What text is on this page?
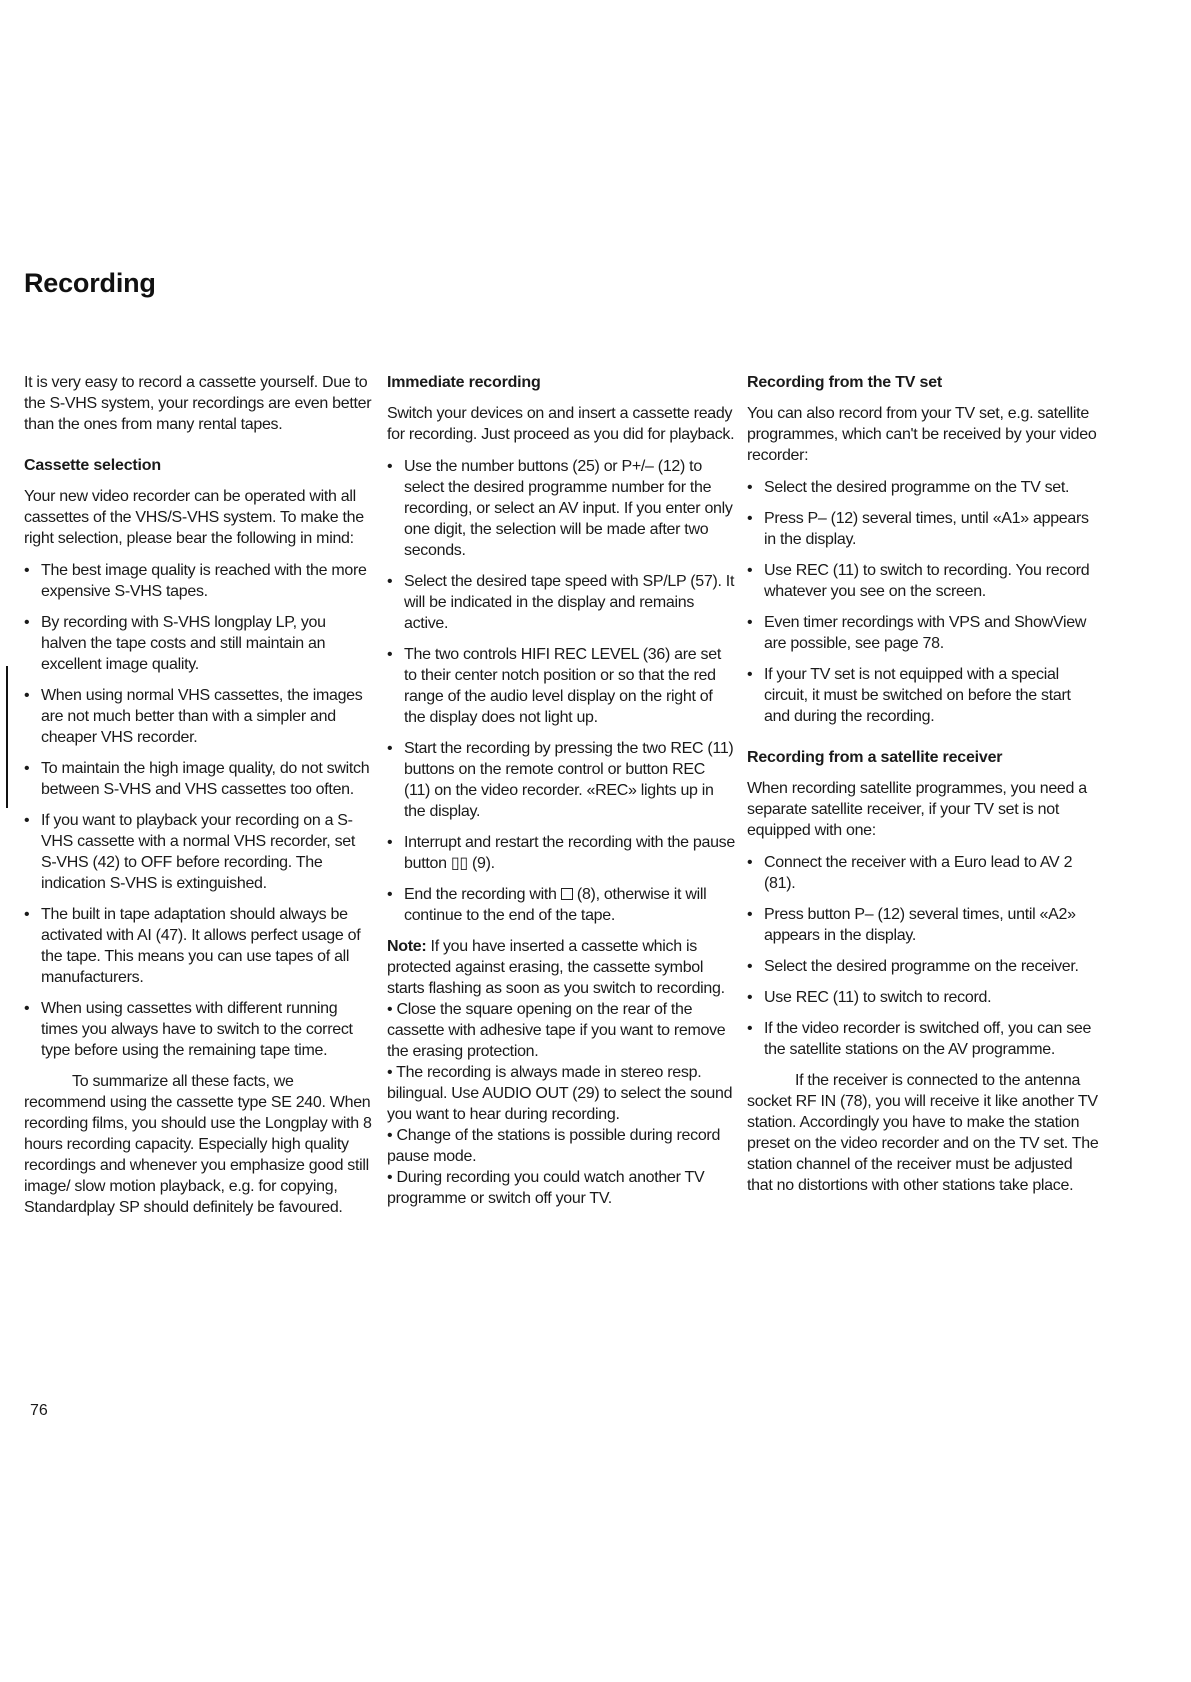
Recording

It is very easy to record a cassette yourself. Due to the S-VHS system, your recordings are even better than the ones from many rental tapes.

Cassette selection

Your new video recorder can be operated with all cassettes of the VHS/S-VHS system. To make the right selection, please bear the following in mind:

• The best image quality is reached with the more expensive S-VHS tapes.
• By recording with S-VHS longplay LP, you halven the tape costs and still maintain an excellent image quality.
• When using normal VHS cassettes, the images are not much better than with a simpler and cheaper VHS recorder.
• To maintain the high image quality, do not switch between S-VHS and VHS cassettes too often.
• If you want to playback your recording on a S-VHS cassette with a normal VHS recorder, set S-VHS (42) to OFF before recording. The indication S-VHS is extinguished.
• The built in tape adaptation should always be activated with AI (47). It allows perfect usage of the tape. This means you can use tapes of all manufacturers.
• When using cassettes with different running times you always have to switch to the correct type before using the remaining tape time.

To summarize all these facts, we recommend using the cassette type SE 240. When recording films, you should use the Longplay with 8 hours recording capacity. Especially high quality recordings and whenever you emphasize good still image/ slow motion playback, e.g. for copying, Standardplay SP should definitely be favoured.

Immediate recording

Switch your devices on and insert a cassette ready for recording. Just proceed as you did for playback.

• Use the number buttons (25) or P+/– (12) to select the desired programme number for the recording, or select an AV input. If you enter only one digit, the selection will be made after two seconds.
• Select the desired tape speed with SP/LP (57). It will be indicated in the display and remains active.
• The two controls HIFI REC LEVEL (36) are set to their center notch position or so that the red range of the audio level display on the right of the display does not light up.
• Start the recording by pressing the two REC (11) buttons on the remote control or button REC (11) on the video recorder. «REC» lights up in the display.
• Interrupt and restart the recording with the pause button ▯▯ (9).
• End the recording with (8), otherwise it will continue to the end of the tape.

Note: If you have inserted a cassette which is protected against erasing, the cassette symbol starts flashing as soon as you switch to recording.

• Close the square opening on the rear of the cassette with adhesive tape if you want to remove the erasing protection.

• The recording is always made in stereo resp. bilingual. Use AUDIO OUT (29) to select the sound you want to hear during recording.

• Change of the stations is possible during record pause mode.

• During recording you could watch another TV programme or switch off your TV.

Recording from the TV set

You can also record from your TV set, e.g. satellite programmes, which can't be received by your video recorder:

• Select the desired programme on the TV set.
• Press P– (12) several times, until «A1» appears in the display.
• Use REC (11) to switch to recording. You record whatever you see on the screen.
• Even timer recordings with VPS and ShowView are possible, see page 78.
• If your TV set is not equipped with a special circuit, it must be switched on before the start and during the recording.
Recording from a satellite receiver

When recording satellite programmes, you need a separate satellite receiver, if your TV set is not equipped with one:

• Connect the receiver with a Euro lead to AV 2 (81).
• Press button P– (12) several times, until «A2» appears in the display.
• Select the desired programme on the receiver.
• Use REC (11) to switch to record.
• If the video recorder is switched off, you can see the satellite stations on the AV programme.

If the receiver is connected to the antenna socket RF IN (78), you will receive it like another TV station. Accordingly you have to make the station preset on the video recorder and on the TV set. The station channel of the receiver must be adjusted that no distortions with other stations take place.

76
